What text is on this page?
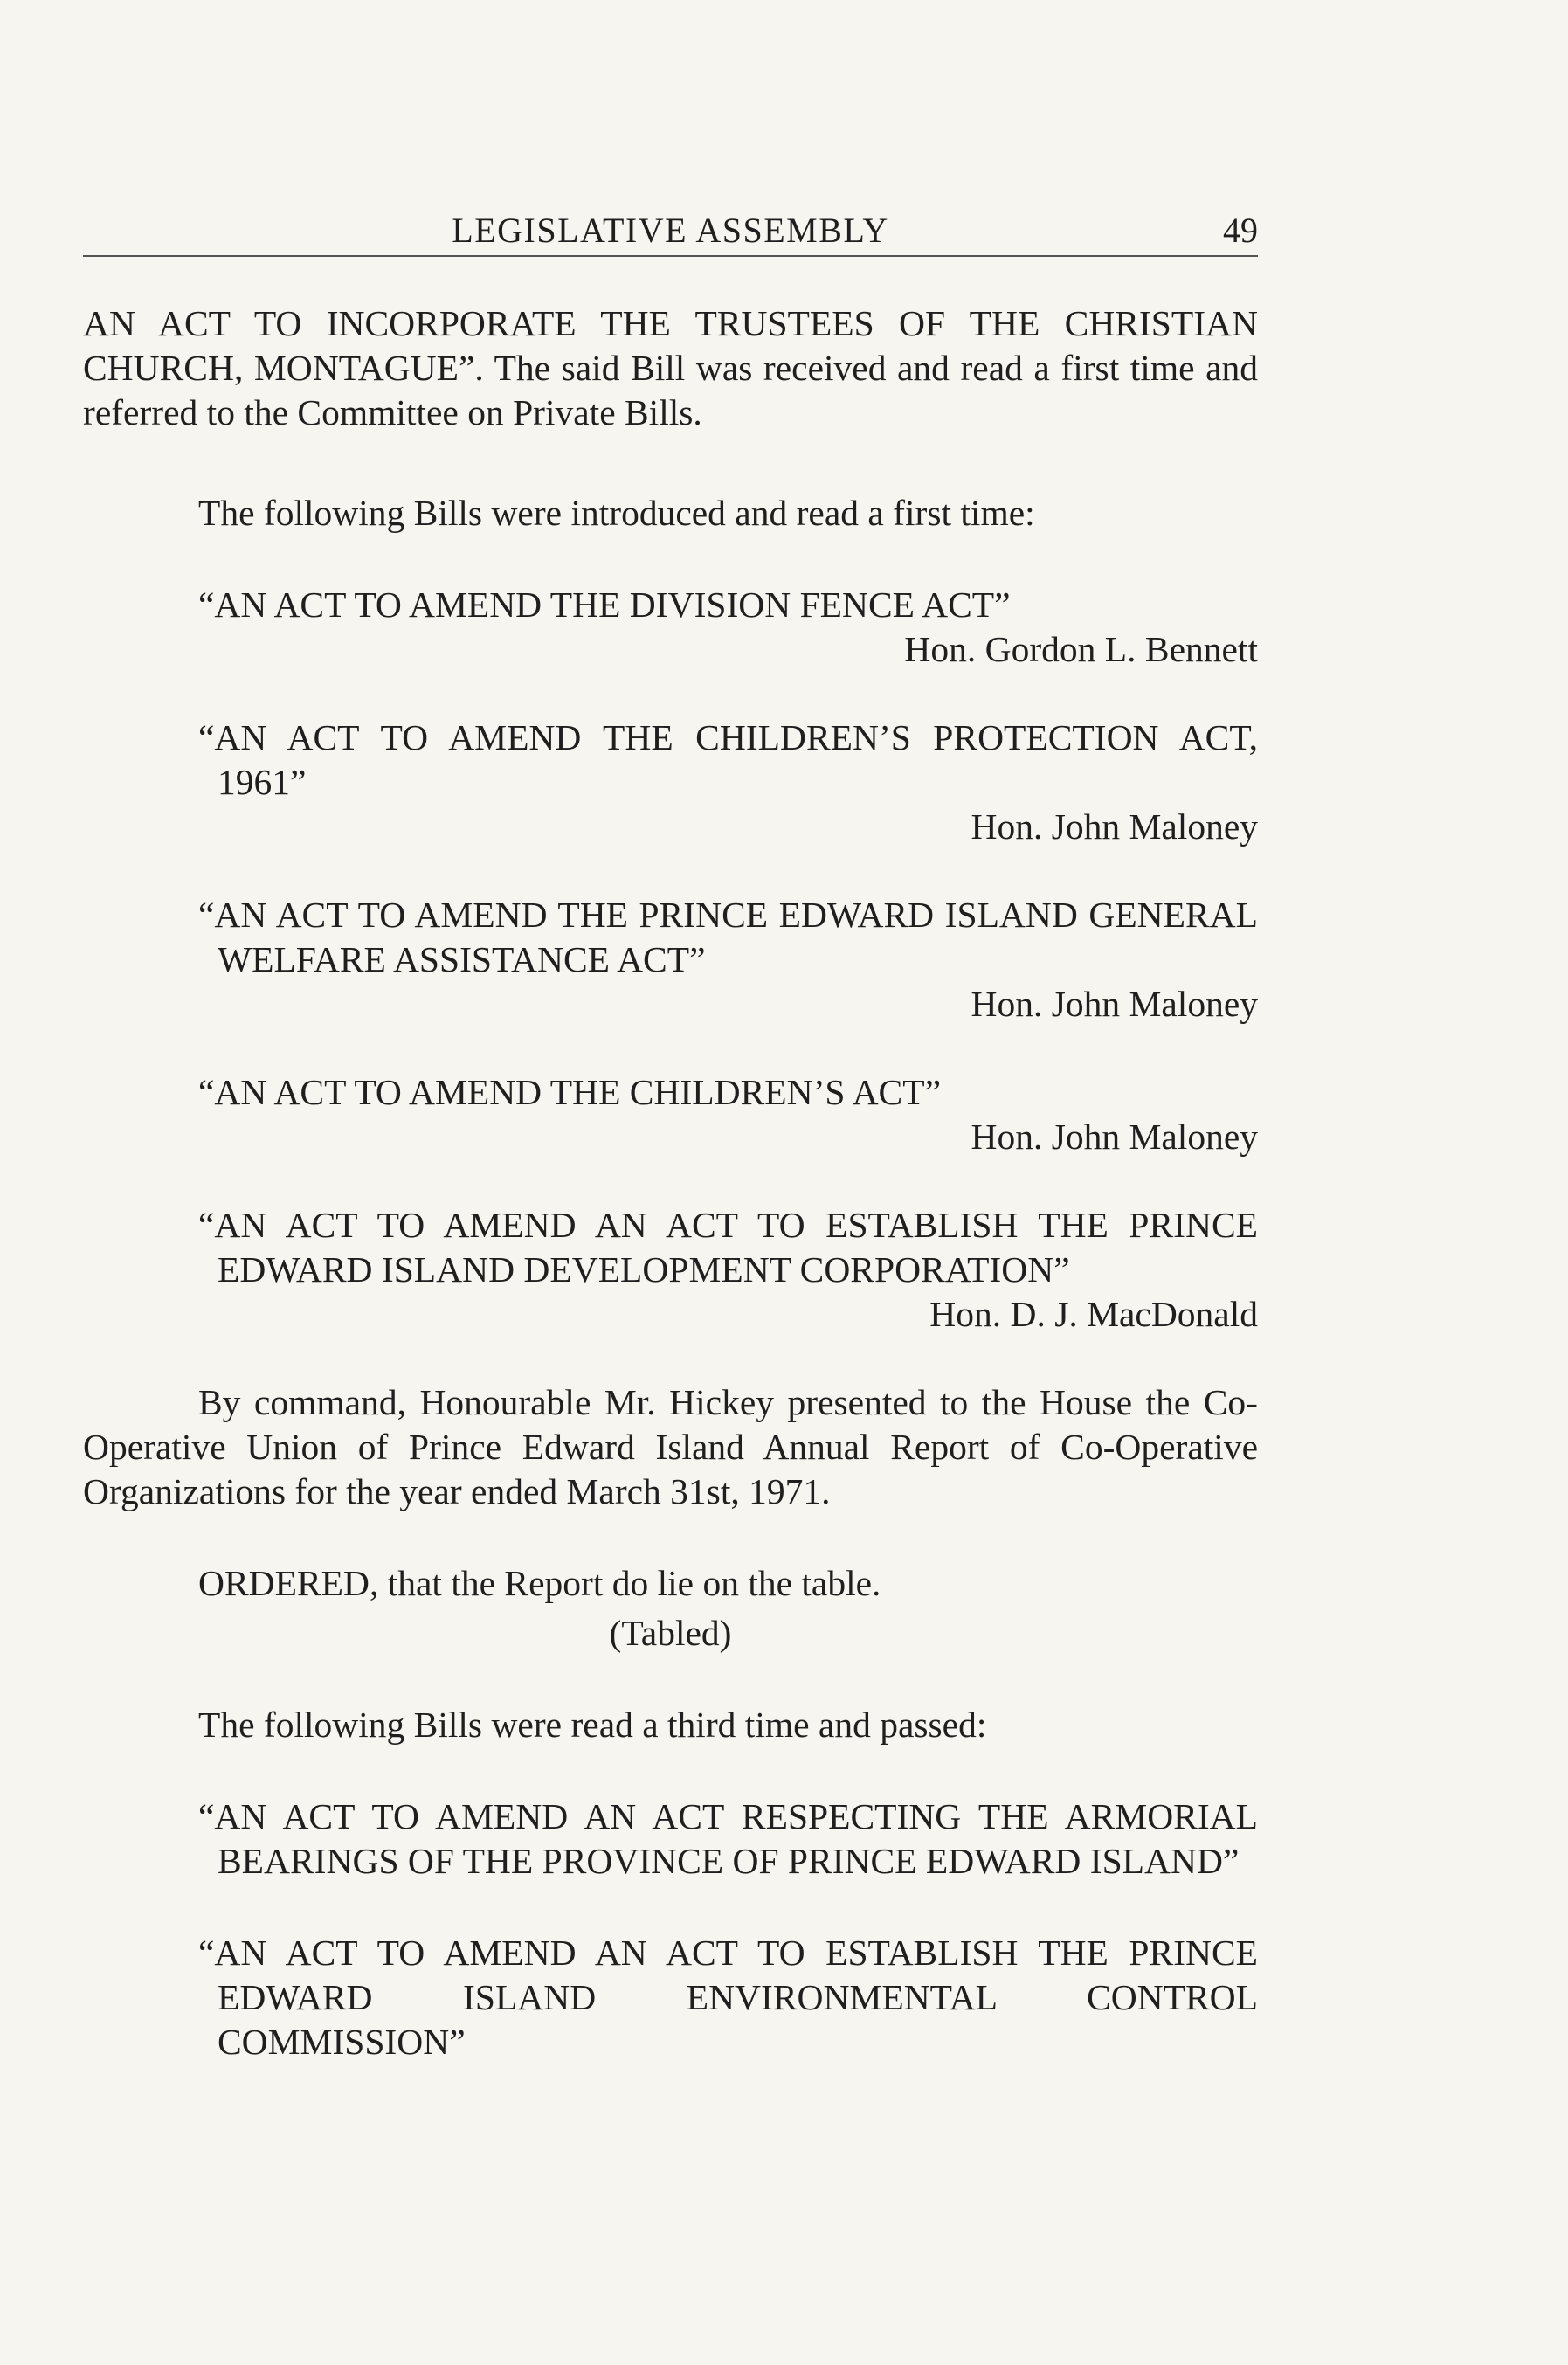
LEGISLATIVE ASSEMBLY	49

AN ACT TO INCORPORATE THE TRUSTEES OF THE CHRISTIAN CHURCH, MONTAGUE”. The said Bill was received and read a first time and referred to the Committee on Private Bills.

The following Bills were introduced and read a first time:

“AN ACT TO AMEND THE DIVISION FENCE ACT”

Hon. Gordon L. Bennett

“AN ACT TO AMEND THE CHILDREN’S PROTECTION ACT, 1961”

Hon. John Maloney

“AN ACT TO AMEND THE PRINCE EDWARD ISLAND GENERAL WELFARE ASSISTANCE ACT”

Hon. John Maloney

“AN ACT TO AMEND THE CHILDREN’S ACT”

Hon. John Maloney

“AN ACT TO AMEND AN ACT TO ESTABLISH THE PRINCE EDWARD ISLAND DEVELOPMENT CORPORATION”

Hon. D. J. MacDonald

By command, Honourable Mr. Hickey presented to the House the Co-Operative Union of Prince Edward Island Annual Report of Co-Operative Organizations for the year ended March 31st, 1971.

ORDERED, that the Report do lie on the table.

(Tabled)

The following Bills were read a third time and passed:

“AN ACT TO AMEND AN ACT RESPECTING THE ARMORIAL BEARINGS OF THE PROVINCE OF PRINCE EDWARD ISLAND”

“AN ACT TO AMEND AN ACT TO ESTABLISH THE PRINCE EDWARD ISLAND ENVIRONMENTAL CONTROL COMMISSION”
